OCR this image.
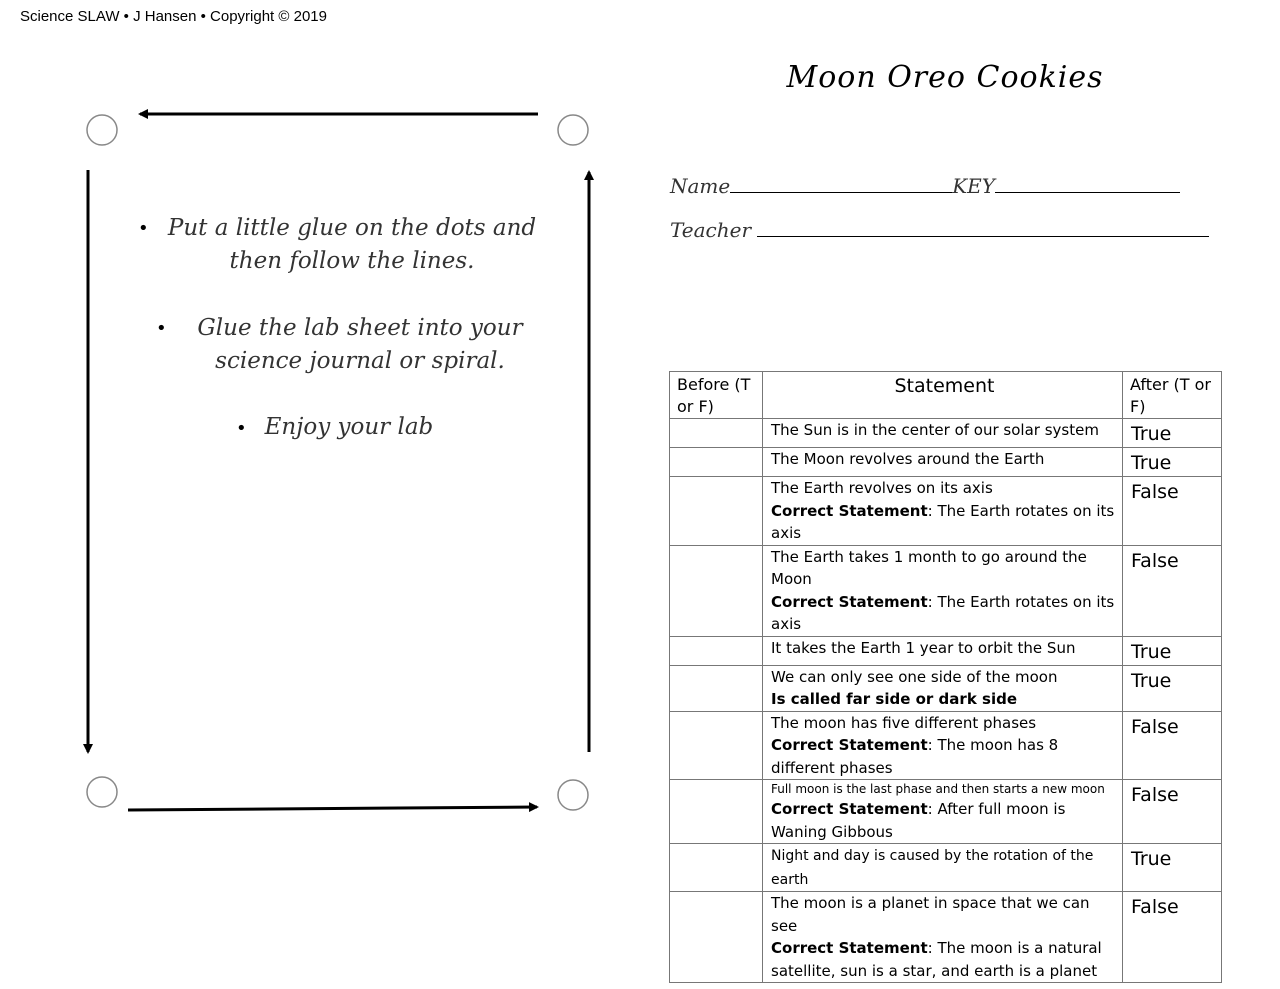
Science SLAW • J Hansen • Copyright © 2019
• Put a little glue on the dots and
then follow the lines.
•	Glue the lab sheet into your
science journal or spiral.
• Enjoy your lab
Moon Oreo Cookies
Name	KEY
Teacher
Before (T or F)	Statement	After (T or F)
	The Sun is in the center of our solar system	True
	The Moon revolves around the Earth	True
	The Earth revolves on its axis
Correct Statement: The Earth rotates on its axis	False
	The Earth takes 1 month to go around the Moon
Correct Statement: The Earth rotates on its axis	False
	It takes the Earth 1 year to orbit the Sun	True
	We can only see one side of the moon
Is called far side or dark side	True
	The moon has five different phases
Correct Statement: The moon has 8 different phases	False

	Full moon is the last phase and then starts a new moon
Correct Statement: After full moon is Waning Gibbous	False
	Night and day is caused by the rotation of the earth	True
	The moon is a planet in space that we can see
Correct Statement: The moon is a natural satellite, sun is a star, and earth is a planet	False
